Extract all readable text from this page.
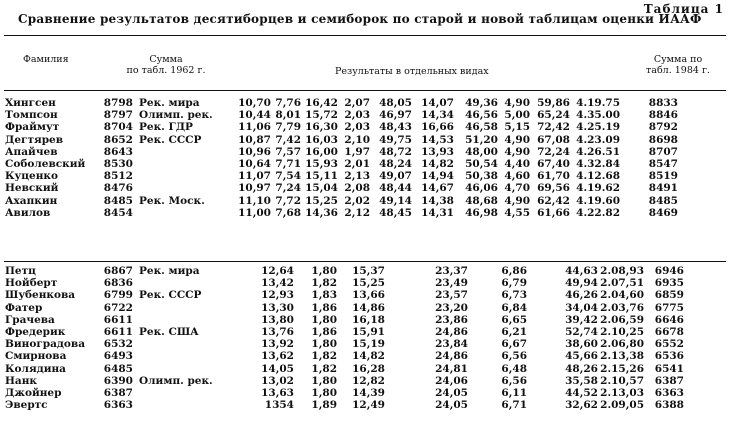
Таблица 1
Сравнение результатов десятиборцев и семиборок по старой и новой таблицам оценки ИААФ
Фамилия	Сумма
по табл. 1962 г.	Результаты в отдельных видах
Сумма по
табл. 1984 г.
Хингсен	8798	Рек. мира	10,70	7,76	16,42	2,07	48,05	14,07	49,36	4,90	59,86	4.19.75	8833
Томпсон	8797	Олимп. рек.	10,44	8,01	15,72	2,03	46,97	14,34	46,56	5,00	65,24	4.35.00	8846
Фраймут	8704	Рек. ГДР	11,06	7,79	16,30	2,03	48,43	16,66	46,58	5,15	72,42	4.25.19	8792
Дегтярев	8652	Рек. СССР	10,87	7,42	16,03	2,10	49,75	14,53	51,20	4,90	67,08	4.23.09	8698
Апайчев	8643		10,96	7,57	16,00	1,97	48,72	13,93	48,00	4,90	72,24	4.26.51	8707
Соболевский	8530		10,64	7,71	15,93	2,01	48,24	14,82	50,54	4,40	67,40	4.32.84	8547
Куценко	8512		11,07	7,54	15,11	2,13	49,07	14,94	50,38	4,60	61,70	4.12.68	8519
Невский	8476		10,97	7,24	15,04	2,08	48,44	14,67	46,06	4,70	69,56	4.19.62	8491
Ахапкин	8485	Рек. Моск.	11,10	7,72	15,25	2,02	49,14	14,38	48,68	4,90	62,42	4.19.60	8485
Авилов	8454		11,00	7,68	14,36	2,12	48,45	14,31	46,98	4,55	61,66	4.22.82	8469
Петц	6867	Рек. мира	12,64	1,80	15,37	23,37	6,86	44,63	2.08,93	6946
Нойберт	6836		13,42	1,82	15,25	23,49	6,79	49,94	2.07,51	6935
Шубенкова	6799	Рек. СССР	12,93	1,83	13,66	23,57	6,73	46,26	2.04,60	6859
Фатер	6722		13,30	1,86	14,86	23,20	6,84	34,04	2.03,76	6775
Грачева	6611		13,80	1,80	16,18	23,86	6,65	39,42	2.06,59	6646
Фредерик	6611	Рек. США	13,76	1,86	15,91	24,86	6,21	52,74	2.10,25	6678
Виноградова	6532		13,92	1,80	15,19	23,84	6,67	38,60	2.06,80	6552
Смирнова	6493		13,62	1,82	14,82	24,86	6,56	45,66	2.13,38	6536
Колядина	6485		14,05	1,82	16,28	24,81	6,48	48,26	2.15,26	6541
Нанк	6390	Олимп. рек.	13,02	1,80	12,82	24,06	6,56	35,58	2.10,57	6387
Джойнер	6387		13,63	1,80	14,39	24,05	6,11	44,52	2.13,03	6363
Эвертс	6363		1354	1,89	12,49	24,05	6,71	32,62	2.09,05	6388
